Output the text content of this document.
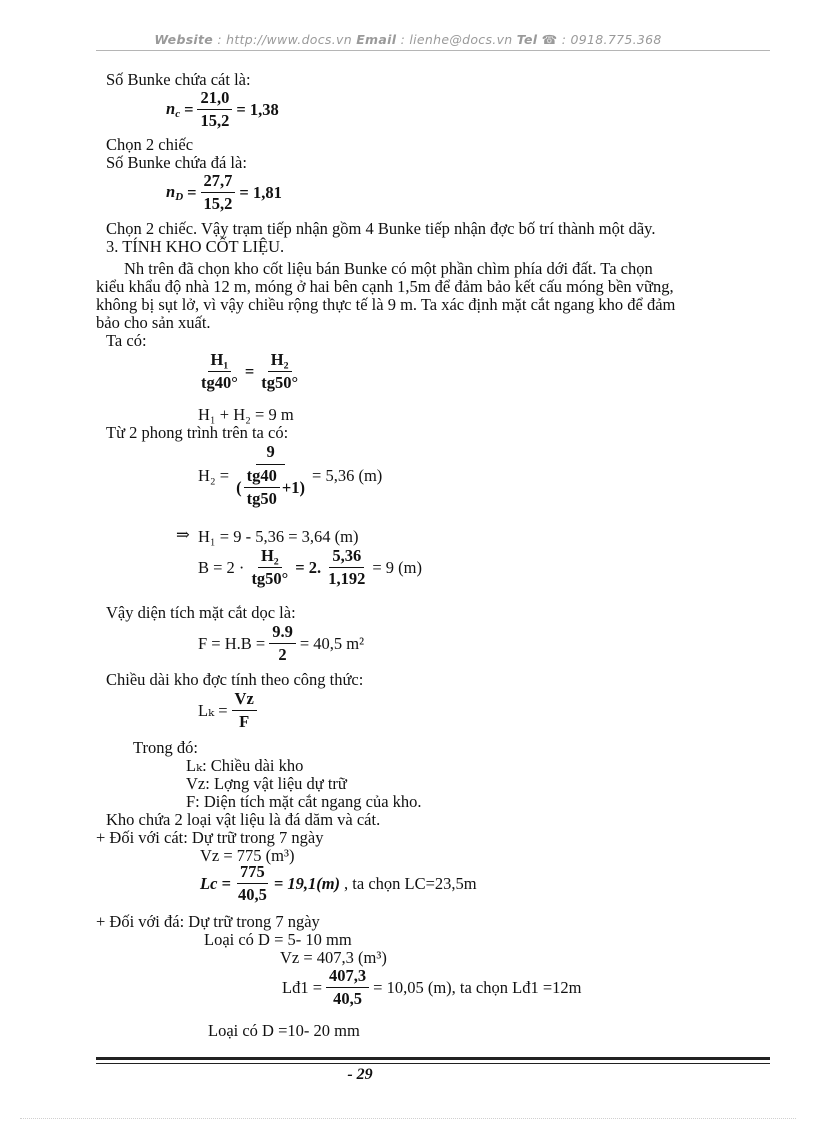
Website : http://www.docs.vn Email : lienhe@docs.vn Tel ☎ : 0918.775.368
Số Bunke chứa cát là:
$n_c = \frac{21,0}{15,2} = 1,38$
Chọn 2 chiếc
Số Bunke chứa đá là:
$n_D = \frac{27,7}{15,2} = 1,81$
Chọn 2 chiếc. Vậy trạm tiếp nhận gồm 4 Bunke tiếp nhận đợc bố trí thành một dãy.
3. TÍNH KHO CỐT LIỆU.
Nh trên đã chọn kho cốt liệu bán Bunke có một phần chìm phía dới đất. Ta chọn
kiểu khẩu độ nhà 12 m, móng ở hai bên cạnh 1,5m để đảm bảo kết cấu móng bền vững,
không bị sụt lở, vì vậy chiều rộng thực tế là 9 m. Ta xác định mặt cắt ngang kho để đảm
bảo cho sản xuất.
Ta có:
$\frac{\text{H₁}}{tg40^\circ} = \frac{\text{H₂}}{tg50^\circ}$
H₁ + H₂ = 9 m
Từ 2 phong trình trên ta có:
$H_2 = \frac{9}{( \frac{tg40}{tg50} +1)} = 5,36$ (m)
⇒ H₁ = 9 - 5,36 = 3,64 (m)
$B = 2 \cdot \frac{\text{H₂}}{tg50^\circ} = 2$. $\frac{5,36}{1,192} = 9$ (m)
Vậy diện tích mặt cắt dọc là:
$F = H.B = \frac{9.9}{2} = 40,5$ m²
Chiều dài kho đợc tính theo công thức:
$L_k = \frac{Vz}{F}$
Trong đó:
Lₖ: Chiều dài kho
Vz: Lợng vật liệu dự trữ
F: Diện tích mặt cắt ngang của kho.
Kho chứa 2 loại vật liệu là đá dăm và cát.
+ Đối với cát: Dự trữ trong 7 ngày
Vz = 775 (m³)
$Lc = \frac{775}{40,5} = 19,1(m)$ , ta chọn LC=23,5m
+ Đối với đá: Dự trữ trong 7 ngày
Loại có D = 5- 10 mm
Vz = 407,3 (m³)
Lđ1 = $\frac{407,3}{40,5} = 10,05$ (m), ta chọn Lđ1 =12m
Loại có D =10- 20 mm
- 29
